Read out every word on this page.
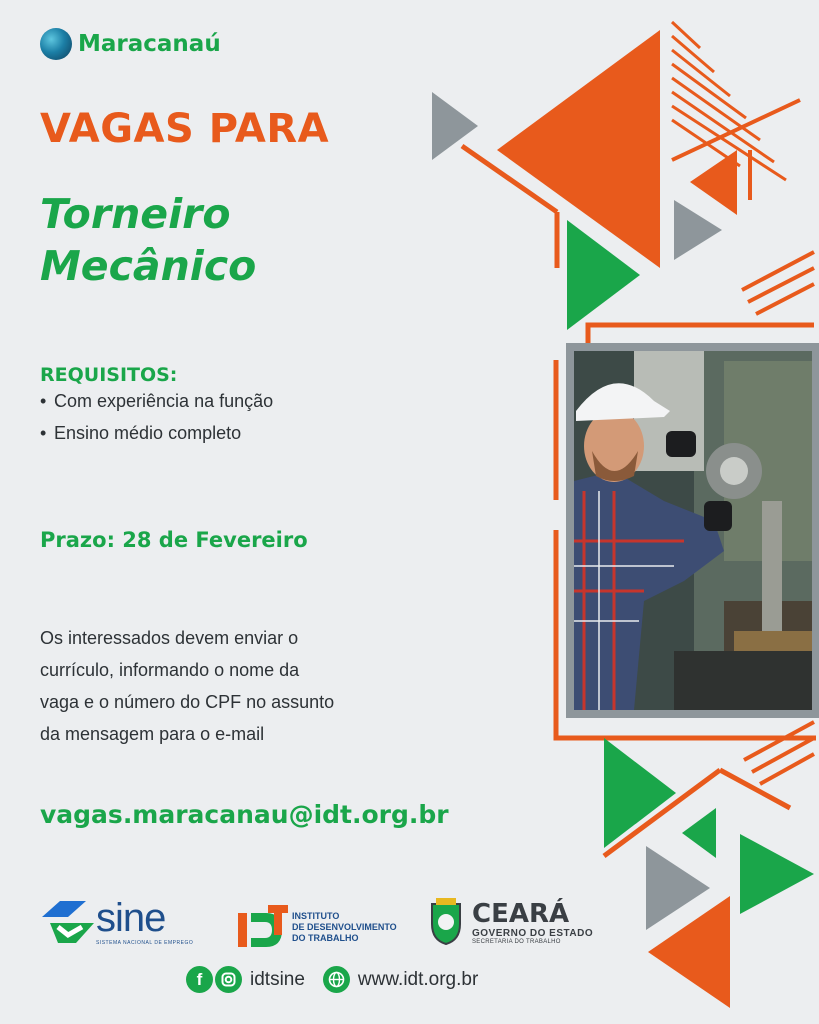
Maracanaú
VAGAS PARA
Torneiro
Mecânico
REQUISITOS:
• Com experiência na função
• Ensino médio completo
Prazo: 28 de Fevereiro
Os interessados devem enviar o
currículo, informando o nome da
vaga e o número do CPF no assunto
da mensagem para o e-mail
vagas.maracanau@idt.org.br
sine
SISTEMA NACIONAL DE EMPREGO
INSTITUTO
DE DESENVOLVIMENTO
DO TRABALHO
CEARÁ
GOVERNO DO ESTADO
SECRETARIA DO TRABALHO
f	idtsine	www.idt.org.br
